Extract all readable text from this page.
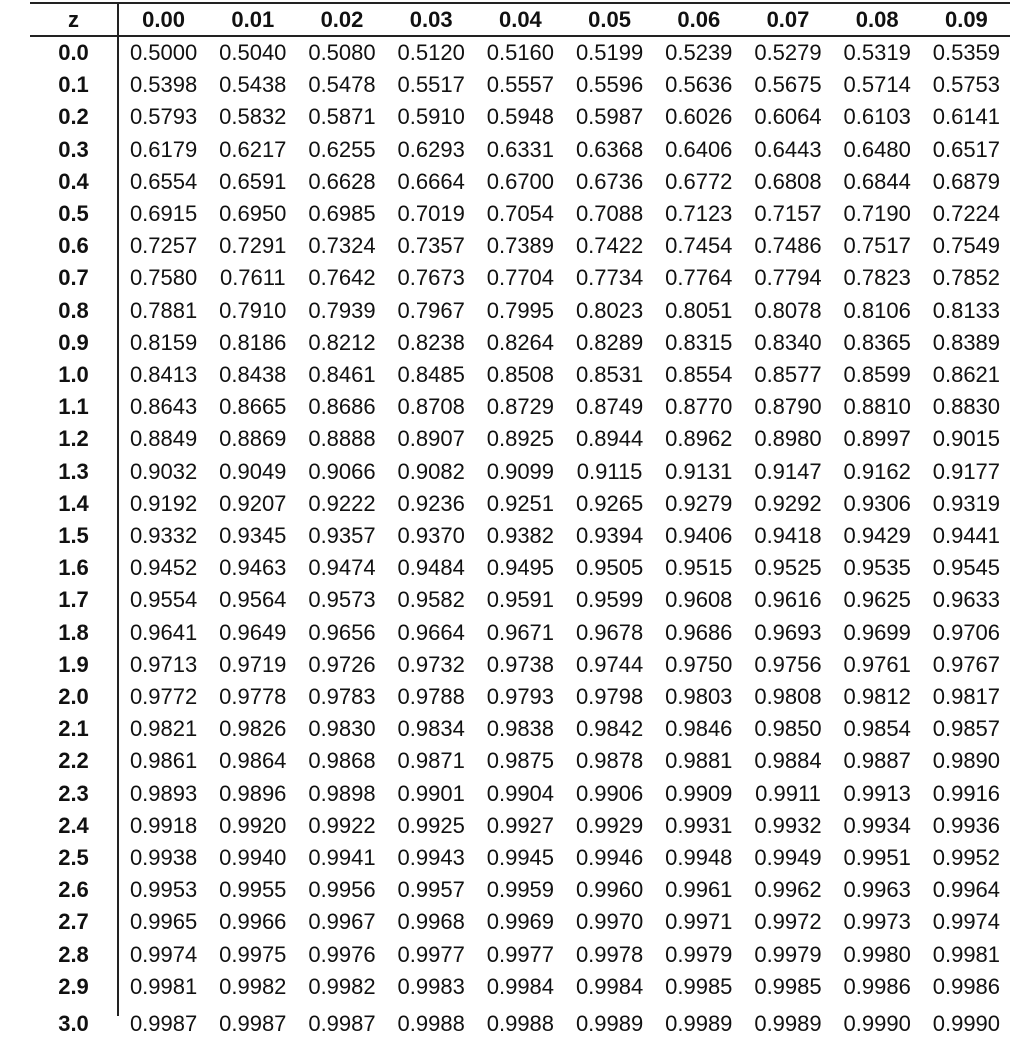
z	0.00	0.01	0.02	0.03	0.04	0.05	0.06	0.07	0.08	0.09
0.0	0.5000 0.5040 0.5080 0.5120 0.5160 0.5199 0.5239 0.5279 0.5319 0.5359
0.1	0.5398 0.5438 0.5478 0.5517 0.5557 0.5596 0.5636 0.5675 0.5714 0.5753
0.2	0.5793 0.5832 0.5871 0.5910 0.5948 0.5987 0.6026 0.6064 0.6103 0.6141
0.3	0.6179 0.6217 0.6255 0.6293 0.6331 0.6368 0.6406 0.6443 0.6480 0.6517
0.4	0.6554 0.6591 0.6628 0.6664 0.6700 0.6736 0.6772 0.6808 0.6844 0.6879
0.5	0.6915 0.6950 0.6985 0.7019 0.7054 0.7088 0.7123 0.7157 0.7190 0.7224
0.6	0.7257 0.7291 0.7324 0.7357 0.7389 0.7422 0.7454 0.7486 0.7517 0.7549
0.7	0.7580	0.7611	0.7642 0.7673 0.7704 0.7734 0.7764 0.7794 0.7823 0.7852
0.8	0.7881 0.7910 0.7939 0.7967 0.7995 0.8023 0.8051 0.8078 0.8106 0.8133
0.9	0.8159 0.8186 0.8212 0.8238 0.8264 0.8289 0.8315 0.8340 0.8365 0.8389
1.0	0.8413 0.8438 0.8461 0.8485 0.8508 0.8531 0.8554 0.8577 0.8599 0.8621
1.1	0.8643 0.8665 0.8686 0.8708 0.8729 0.8749 0.8770 0.8790 0.8810 0.8830
1.2	0.8849 0.8869 0.8888 0.8907 0.8925 0.8944 0.8962 0.8980 0.8997 0.9015
1.3	0.9032 0.9049 0.9066 0.9082 0.9099	0.9115	0.9131 0.9147 0.9162 0.9177
1.4	0.9192 0.9207 0.9222 0.9236 0.9251 0.9265 0.9279 0.9292 0.9306 0.9319
1.5	0.9332 0.9345 0.9357 0.9370 0.9382 0.9394 0.9406 0.9418 0.9429 0.9441
1.6	0.9452 0.9463 0.9474 0.9484 0.9495 0.9505 0.9515 0.9525 0.9535 0.9545
1.7	0.9554 0.9564 0.9573 0.9582 0.9591 0.9599 0.9608 0.9616 0.9625 0.9633
1.8	0.9641 0.9649 0.9656 0.9664 0.9671 0.9678 0.9686 0.9693 0.9699 0.9706
1.9	0.9713 0.9719 0.9726 0.9732 0.9738 0.9744 0.9750 0.9756 0.9761 0.9767
2.0	0.9772 0.9778 0.9783 0.9788 0.9793 0.9798 0.9803 0.9808 0.9812 0.9817
2.1	0.9821 0.9826 0.9830 0.9834 0.9838 0.9842 0.9846 0.9850 0.9854 0.9857
2.2	0.9861 0.9864 0.9868 0.9871 0.9875 0.9878 0.9881 0.9884 0.9887 0.9890
2.3	0.9893 0.9896 0.9898 0.9901 0.9904 0.9906 0.9909	0.9911	0.9913 0.9916
2.4	0.9918 0.9920 0.9922 0.9925 0.9927 0.9929 0.9931 0.9932 0.9934 0.9936
2.5	0.9938 0.9940 0.9941 0.9943 0.9945 0.9946 0.9948 0.9949 0.9951 0.9952
2.6	0.9953 0.9955 0.9956 0.9957 0.9959 0.9960 0.9961 0.9962 0.9963 0.9964
2.7	0.9965 0.9966 0.9967 0.9968 0.9969 0.9970 0.9971 0.9972 0.9973 0.9974
2.8	0.9974 0.9975 0.9976 0.9977 0.9977 0.9978 0.9979 0.9979 0.9980 0.9981
2.9	0.9981 0.9982 0.9982 0.9983 0.9984 0.9984 0.9985 0.9985 0.9986 0.9986
3.0	0.9987 0.9987 0.9987 0.9988 0.9988 0.9989 0.9989 0.9989 0.9990 0.9990
